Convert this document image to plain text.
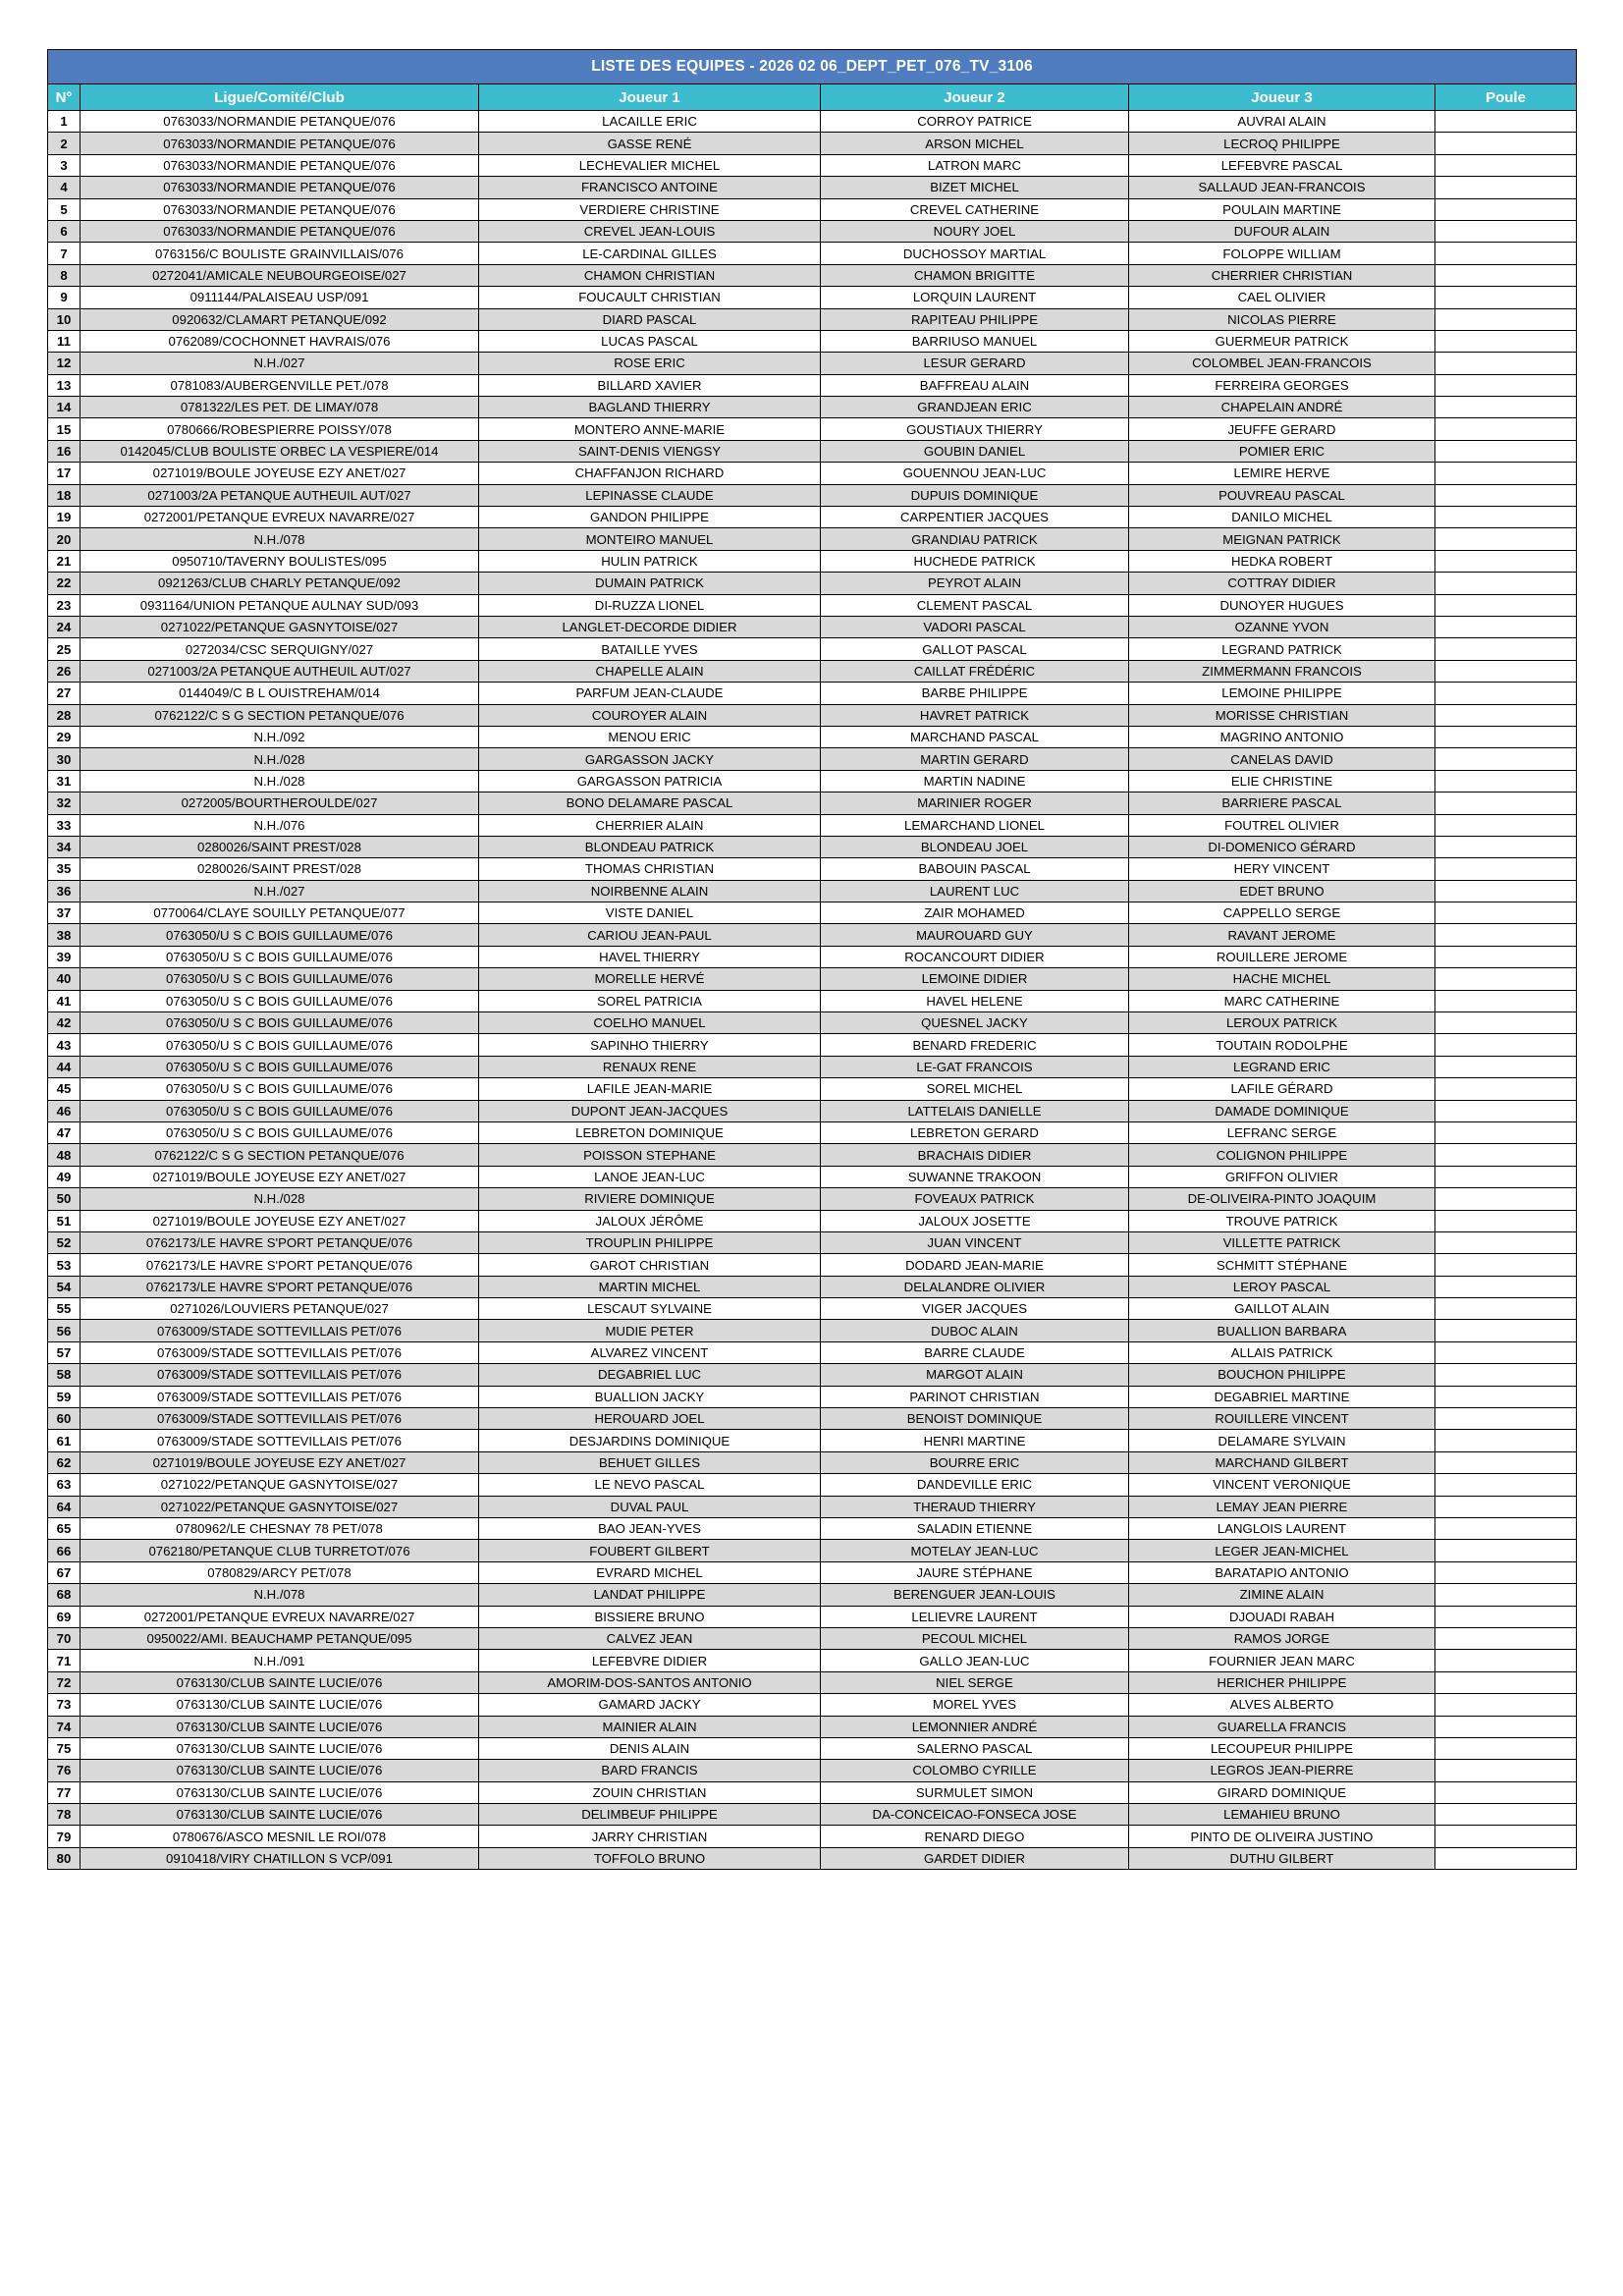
LISTE DES EQUIPES - 2026 02 06_DEPT_PET_076_TV_3106					
N°	Ligue/Comité/Club	Joueur 1	Joueur 2	Joueur 3	Poule
1	0763033/NORMANDIE PETANQUE/076	LACAILLE ERIC	CORROY PATRICE	AUVRAI ALAIN	
2	0763033/NORMANDIE PETANQUE/076	GASSE RENÉ	ARSON MICHEL	LECROQ PHILIPPE	
3	0763033/NORMANDIE PETANQUE/076	LECHEVALIER MICHEL	LATRON MARC	LEFEBVRE PASCAL	
4	0763033/NORMANDIE PETANQUE/076	FRANCISCO ANTOINE	BIZET MICHEL	SALLAUD JEAN-FRANCOIS	
5	0763033/NORMANDIE PETANQUE/076	VERDIERE CHRISTINE	CREVEL CATHERINE	POULAIN MARTINE	
6	0763033/NORMANDIE PETANQUE/076	CREVEL JEAN-LOUIS	NOURY JOEL	DUFOUR ALAIN	
7	0763156/C BOULISTE GRAINVILLAIS/076	LE-CARDINAL GILLES	DUCHOSSOY MARTIAL	FOLOPPE WILLIAM	
8	0272041/AMICALE NEUBOURGEOISE/027	CHAMON CHRISTIAN	CHAMON BRIGITTE	CHERRIER CHRISTIAN	
9	0911144/PALAISEAU USP/091	FOUCAULT CHRISTIAN	LORQUIN LAURENT	CAEL OLIVIER	
10	0920632/CLAMART PETANQUE/092	DIARD PASCAL	RAPITEAU PHILIPPE	NICOLAS PIERRE	
11	0762089/COCHONNET HAVRAIS/076	LUCAS PASCAL	BARRIUSO MANUEL	GUERMEUR PATRICK	
12	N.H./027	ROSE ERIC	LESUR GERARD	COLOMBEL JEAN-FRANCOIS	
13	0781083/AUBERGENVILLE PET./078	BILLARD XAVIER	BAFFREAU ALAIN	FERREIRA GEORGES	
14	0781322/LES PET. DE LIMAY/078	BAGLAND THIERRY	GRANDJEAN ERIC	CHAPELAIN ANDRÉ	
15	0780666/ROBESPIERRE POISSY/078	MONTERO ANNE-MARIE	GOUSTIAUX THIERRY	JEUFFE GERARD	
16	0142045/CLUB BOULISTE ORBEC LA VESPIERE/014	SAINT-DENIS VIENGSY	GOUBIN DANIEL	POMIER ERIC	
17	0271019/BOULE JOYEUSE EZY ANET/027	CHAFFANJON RICHARD	GOUENNOU JEAN-LUC	LEMIRE HERVE	
18	0271003/2A PETANQUE AUTHEUIL AUT/027	LEPINASSE CLAUDE	DUPUIS DOMINIQUE	POUVREAU PASCAL	
19	0272001/PETANQUE EVREUX NAVARRE/027	GANDON PHILIPPE	CARPENTIER JACQUES	DANILO MICHEL	
20	N.H./078	MONTEIRO MANUEL	GRANDIAU PATRICK	MEIGNAN PATRICK	
21	0950710/TAVERNY BOULISTES/095	HULIN PATRICK	HUCHEDE PATRICK	HEDKA ROBERT	
22	0921263/CLUB CHARLY PETANQUE/092	DUMAIN PATRICK	PEYROT ALAIN	COTTRAY DIDIER	
23	0931164/UNION PETANQUE AULNAY SUD/093	DI-RUZZA LIONEL	CLEMENT PASCAL	DUNOYER HUGUES	
24	0271022/PETANQUE GASNYTOISE/027	LANGLET-DECORDE DIDIER	VADORI PASCAL	OZANNE YVON	
25	0272034/CSC SERQUIGNY/027	BATAILLE YVES	GALLOT PASCAL	LEGRAND PATRICK	
26	0271003/2A PETANQUE AUTHEUIL AUT/027	CHAPELLE ALAIN	CAILLAT FRÉDÉRIC	ZIMMERMANN FRANCOIS	
27	0144049/C B L OUISTREHAM/014	PARFUM JEAN-CLAUDE	BARBE PHILIPPE	LEMOINE PHILIPPE	
28	0762122/C S G SECTION PETANQUE/076	COUROYER ALAIN	HAVRET PATRICK	MORISSE CHRISTIAN	
29	N.H./092	MENOU ERIC	MARCHAND PASCAL	MAGRINO ANTONIO	
30	N.H./028	GARGASSON JACKY	MARTIN GERARD	CANELAS DAVID	
31	N.H./028	GARGASSON PATRICIA	MARTIN NADINE	ELIE CHRISTINE	
32	0272005/BOURTHEROULDE/027	BONO DELAMARE PASCAL	MARINIER ROGER	BARRIERE PASCAL	
33	N.H./076	CHERRIER ALAIN	LEMARCHAND LIONEL	FOUTREL OLIVIER	
34	0280026/SAINT PREST/028	BLONDEAU PATRICK	BLONDEAU JOEL	DI-DOMENICO GÉRARD	
35	0280026/SAINT PREST/028	THOMAS CHRISTIAN	BABOUIN PASCAL	HERY VINCENT	
36	N.H./027	NOIRBENNE ALAIN	LAURENT LUC	EDET BRUNO	
37	0770064/CLAYE SOUILLY PETANQUE/077	VISTE DANIEL	ZAIR MOHAMED	CAPPELLO SERGE	
38	0763050/U S C BOIS GUILLAUME/076	CARIOU JEAN-PAUL	MAUROUARD GUY	RAVANT JEROME	
39	0763050/U S C BOIS GUILLAUME/076	HAVEL THIERRY	ROCANCOURT DIDIER	ROUILLERE JEROME	
40	0763050/U S C BOIS GUILLAUME/076	MORELLE HERVÉ	LEMOINE DIDIER	HACHE MICHEL	
41	0763050/U S C BOIS GUILLAUME/076	SOREL PATRICIA	HAVEL HELENE	MARC CATHERINE	
42	0763050/U S C BOIS GUILLAUME/076	COELHO MANUEL	QUESNEL JACKY	LEROUX PATRICK	
43	0763050/U S C BOIS GUILLAUME/076	SAPINHO THIERRY	BENARD FREDERIC	TOUTAIN RODOLPHE	
44	0763050/U S C BOIS GUILLAUME/076	RENAUX RENE	LE-GAT FRANCOIS	LEGRAND ERIC	
45	0763050/U S C BOIS GUILLAUME/076	LAFILE JEAN-MARIE	SOREL MICHEL	LAFILE GÉRARD	
46	0763050/U S C BOIS GUILLAUME/076	DUPONT JEAN-JACQUES	LATTELAIS DANIELLE	DAMADE DOMINIQUE	
47	0763050/U S C BOIS GUILLAUME/076	LEBRETON DOMINIQUE	LEBRETON GERARD	LEFRANC SERGE	
48	0762122/C S G SECTION PETANQUE/076	POISSON STEPHANE	BRACHAIS DIDIER	COLIGNON PHILIPPE	
49	0271019/BOULE JOYEUSE EZY ANET/027	LANOE JEAN-LUC	SUWANNE TRAKOON	GRIFFON OLIVIER	
50	N.H./028	RIVIERE DOMINIQUE	FOVEAUX PATRICK	DE-OLIVEIRA-PINTO JOAQUIM	
51	0271019/BOULE JOYEUSE EZY ANET/027	JALOUX JÉRÔME	JALOUX JOSETTE	TROUVE PATRICK	
52	0762173/LE HAVRE S'PORT PETANQUE/076	TROUPLIN PHILIPPE	JUAN VINCENT	VILLETTE PATRICK	
53	0762173/LE HAVRE S'PORT PETANQUE/076	GAROT CHRISTIAN	DODARD JEAN-MARIE	SCHMITT STÉPHANE	
54	0762173/LE HAVRE S'PORT PETANQUE/076	MARTIN MICHEL	DELALANDRE OLIVIER	LEROY PASCAL	
55	0271026/LOUVIERS PETANQUE/027	LESCAUT SYLVAINE	VIGER JACQUES	GAILLOT ALAIN	
56	0763009/STADE SOTTEVILLAIS PET/076	MUDIE PETER	DUBOC ALAIN	BUALLION BARBARA	
57	0763009/STADE SOTTEVILLAIS PET/076	ALVAREZ VINCENT	BARRE CLAUDE	ALLAIS PATRICK	
58	0763009/STADE SOTTEVILLAIS PET/076	DEGABRIEL LUC	MARGOT ALAIN	BOUCHON PHILIPPE	
59	0763009/STADE SOTTEVILLAIS PET/076	BUALLION JACKY	PARINOT CHRISTIAN	DEGABRIEL MARTINE	
60	0763009/STADE SOTTEVILLAIS PET/076	HEROUARD JOEL	BENOIST DOMINIQUE	ROUILLERE VINCENT	
61	0763009/STADE SOTTEVILLAIS PET/076	DESJARDINS DOMINIQUE	HENRI MARTINE	DELAMARE SYLVAIN	
62	0271019/BOULE JOYEUSE EZY ANET/027	BEHUET GILLES	BOURRE ERIC	MARCHAND GILBERT	
63	0271022/PETANQUE GASNYTOISE/027	LE NEVO PASCAL	DANDEVILLE ERIC	VINCENT VERONIQUE	
64	0271022/PETANQUE GASNYTOISE/027	DUVAL PAUL	THERAUD THIERRY	LEMAY JEAN PIERRE	
65	0780962/LE CHESNAY 78 PET/078	BAO JEAN-YVES	SALADIN ETIENNE	LANGLOIS LAURENT	
66	0762180/PETANQUE CLUB TURRETOT/076	FOUBERT GILBERT	MOTELAY JEAN-LUC	LEGER JEAN-MICHEL	
67	0780829/ARCY PET/078	EVRARD MICHEL	JAURE STÉPHANE	BARATAPIO ANTONIO	
68	N.H./078	LANDAT PHILIPPE	BERENGUER JEAN-LOUIS	ZIMINE ALAIN	
69	0272001/PETANQUE EVREUX NAVARRE/027	BISSIERE BRUNO	LELIEVRE LAURENT	DJOUADI RABAH	
70	0950022/AMI. BEAUCHAMP PETANQUE/095	CALVEZ JEAN	PECOUL MICHEL	RAMOS JORGE	
71	N.H./091	LEFEBVRE DIDIER	GALLO JEAN-LUC	FOURNIER JEAN MARC	
72	0763130/CLUB SAINTE LUCIE/076	AMORIM-DOS-SANTOS ANTONIO	NIEL SERGE	HERICHER PHILIPPE	
73	0763130/CLUB SAINTE LUCIE/076	GAMARD JACKY	MOREL YVES	ALVES ALBERTO	
74	0763130/CLUB SAINTE LUCIE/076	MAINIER ALAIN	LEMONNIER ANDRÉ	GUARELLA FRANCIS	
75	0763130/CLUB SAINTE LUCIE/076	DENIS ALAIN	SALERNO PASCAL	LECOUPEUR PHILIPPE	
76	0763130/CLUB SAINTE LUCIE/076	BARD FRANCIS	COLOMBO CYRILLE	LEGROS JEAN-PIERRE	
77	0763130/CLUB SAINTE LUCIE/076	ZOUIN CHRISTIAN	SURMULET SIMON	GIRARD DOMINIQUE	
78	0763130/CLUB SAINTE LUCIE/076	DELIMBEUF PHILIPPE	DA-CONCEICAO-FONSECA JOSE	LEMAHIEU BRUNO	
79	0780676/ASCO MESNIL LE ROI/078	JARRY CHRISTIAN	RENARD DIEGO	PINTO DE OLIVEIRA JUSTINO	
80	0910418/VIRY CHATILLON S VCP/091	TOFFOLO BRUNO	GARDET DIDIER	DUTHU GILBERT	
